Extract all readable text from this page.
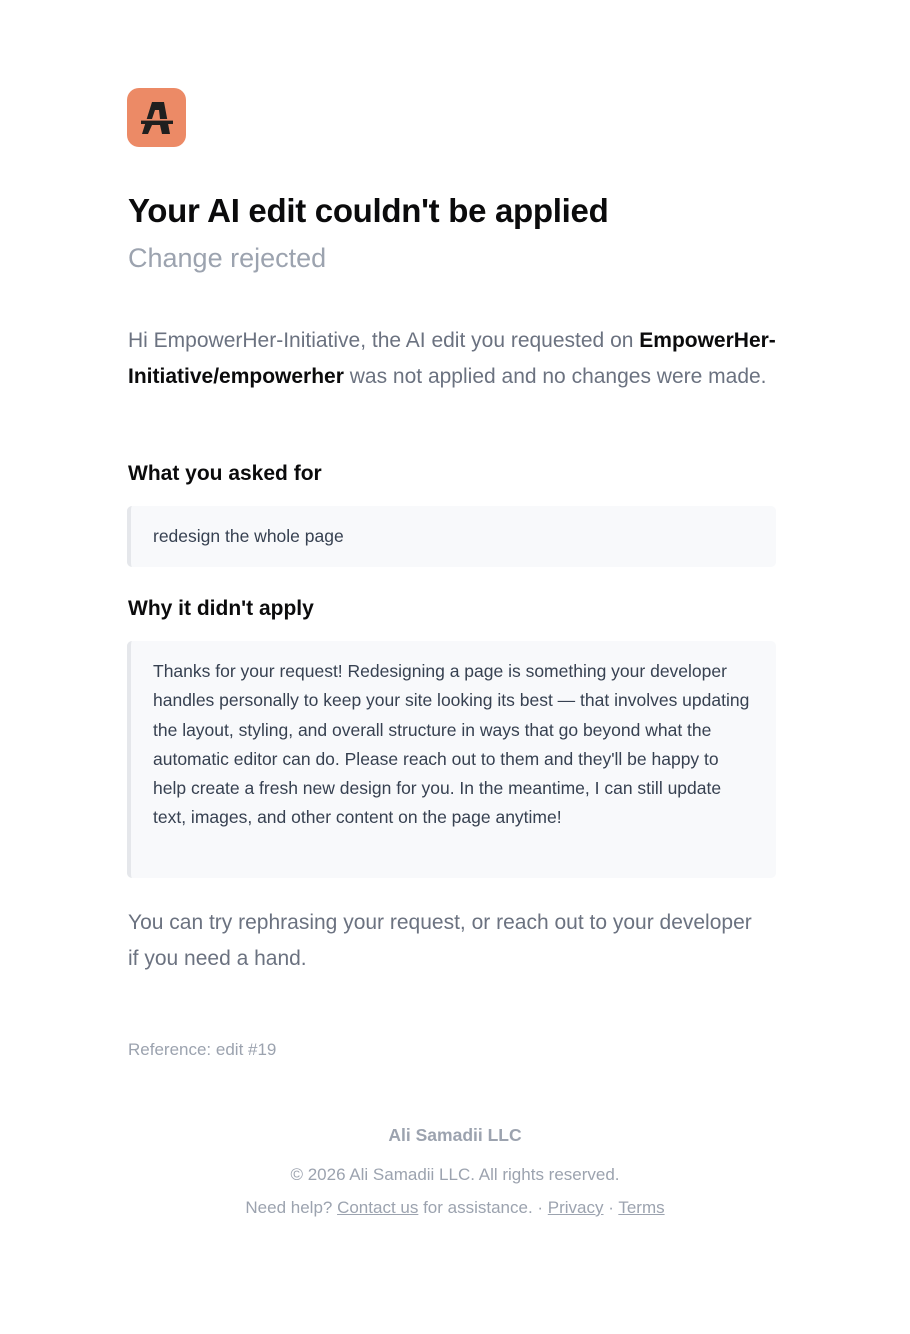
Your AI edit couldn't be applied
Change rejected
Hi EmpowerHer-Initiative, the AI edit you requested on EmpowerHer-Initiative/empowerher was not applied and no changes were made.
What you asked for
redesign the whole page
Why it didn't apply
Thanks for your request! Redesigning a page is something your developer handles personally to keep your site looking its best — that involves updating the layout, styling, and overall structure in ways that go beyond what the automatic editor can do. Please reach out to them and they'll be happy to help create a fresh new design for you. In the meantime, I can still update text, images, and other content on the page anytime!
You can try rephrasing your request, or reach out to your developer if you need a hand.
Reference: edit #19
Ali Samadii LLC
© 2026 Ali Samadii LLC. All rights reserved.
Need help? Contact us for assistance. · Privacy · Terms
